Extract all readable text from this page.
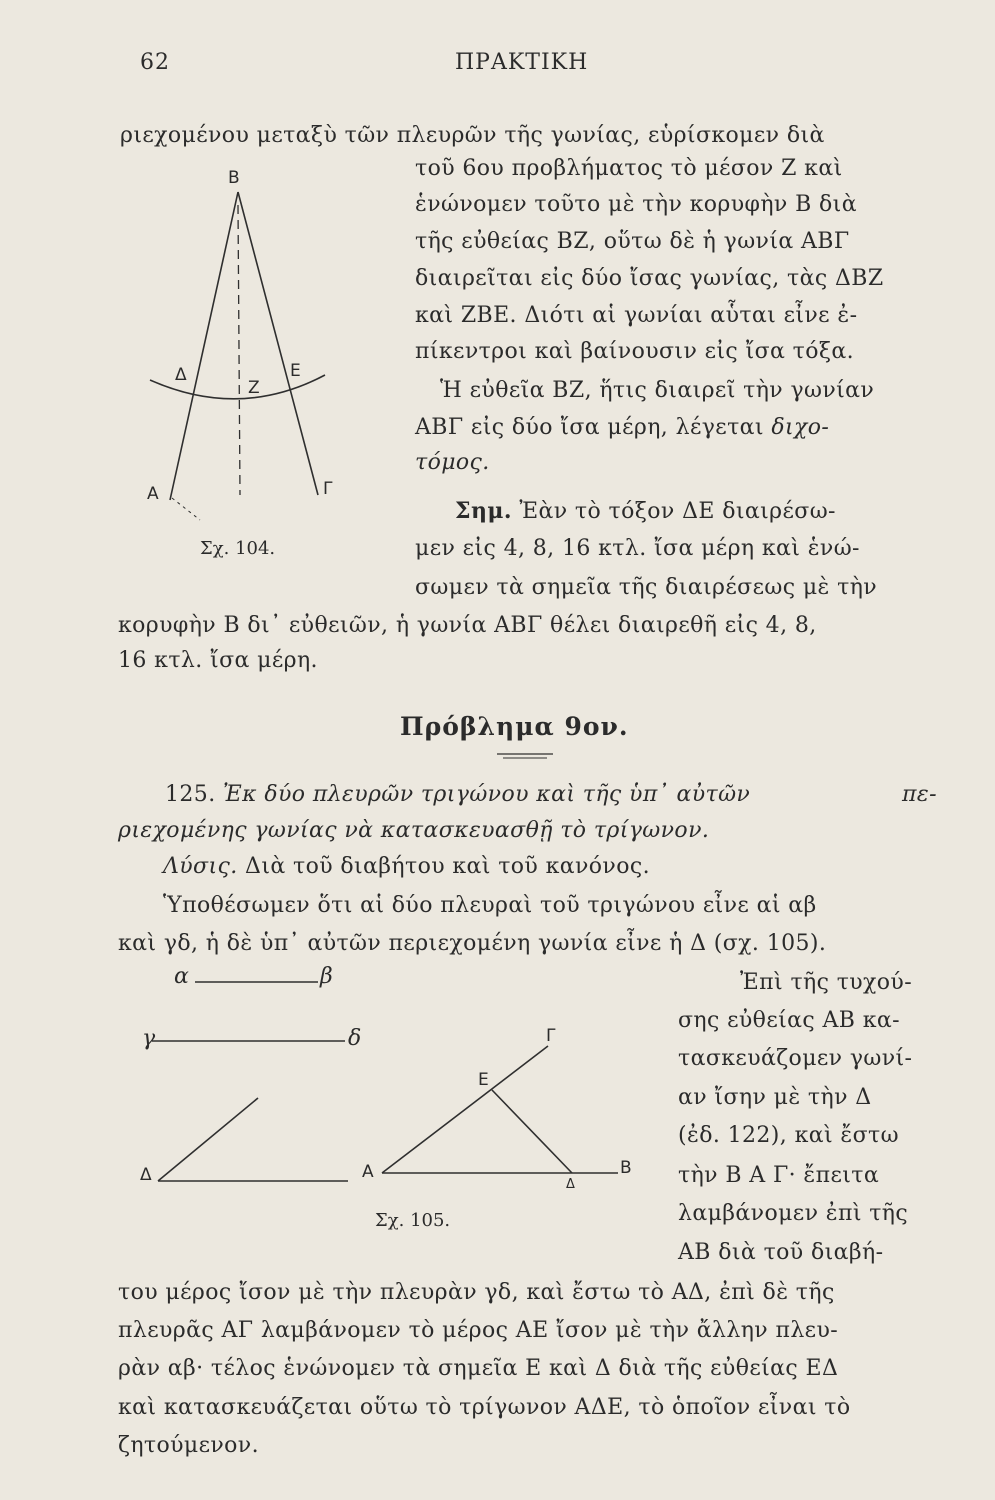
62	ΠΡΑΚΤΙΚΗ
ριεχομένου μεταξὺ τῶν πλευρῶν τῆς γωνίας, εὑρίσκομεν διὰ
τοῦ 6ου προβλήματος τὸ μέσον Ζ καὶ
ἑνώνομεν τοῦτο μὲ τὴν κορυφὴν Β διὰ
τῆς εὐθείας ΒΖ, οὕτω δὲ ἡ γωνία ΑΒΓ
διαιρεῖται εἰς δύο ἴσας γωνίας, τὰς ΔΒΖ
καὶ ΖΒΕ. Διότι αἱ γωνίαι αὗται εἶνε ἐ-
πίκεντροι καὶ βαίνουσιν εἰς ἴσα τόξα.
Ἡ εὐθεῖα ΒΖ, ἥτις διαιρεῖ τὴν γωνίαν
ΑΒΓ εἰς δύο ἴσα μέρη, λέγεται διχο-
τόμος.
Σημ. Ἐὰν τὸ τόξον ΔΕ διαιρέσω-
μεν εἰς 4, 8, 16 κτλ. ἴσα μέρη καὶ ἑνώ-
σωμεν τὰ σημεῖα τῆς διαιρέσεως μὲ τὴν
κορυφὴν Β δι᾽ εὐθειῶν, ἡ γωνία ΑΒΓ θέλει διαιρεθῆ εἰς 4, 8,
16 κτλ. ἴσα μέρη.
Β
Ζ
Δ	Ε
Α	Γ
Σχ. 104.
Πρόβλημα 9ον.
125. Ἐκ δύο πλευρῶν τριγώνου καὶ τῆς ὑπ᾽ αὐτῶν	πε-
ριεχομένης γωνίας νὰ κατασκευασθῇ τὸ τρίγωνον.
Λύσις. Διὰ τοῦ διαβήτου καὶ τοῦ κανόνος.
Ὑποθέσωμεν ὅτι αἱ δύο πλευραὶ τοῦ τριγώνου εἶνε αἱ αβ
καὶ γδ, ἡ δὲ ὑπ᾽ αὐτῶν περιεχομένη γωνία εἶνε ἡ Δ (σχ. 105).
Ἐπὶ τῆς τυχού-
σης εὐθείας ΑΒ κα-
τασκευάζομεν γωνί-
αν ἴσην μὲ τὴν Δ
(ἐδ. 122), καὶ ἔστω
τὴν Β Α Γ· ἔπειτα
λαμβάνομεν ἐπὶ τῆς
ΑΒ διὰ τοῦ διαβή-
α	β
γ	δ
Δ	Α	Β
Γ
Ε
Δ
Σχ. 105.
του μέρος ἴσον μὲ τὴν πλευρὰν γδ, καὶ ἔστω τὸ ΑΔ, ἐπὶ δὲ τῆς
πλευρᾶς ΑΓ λαμβάνομεν τὸ μέρος ΑΕ ἴσον μὲ τὴν ἄλλην πλευ-
ρὰν αβ· τέλος ἑνώνομεν τὰ σημεῖα Ε καὶ Δ διὰ τῆς εὐθείας ΕΔ
καὶ κατασκευάζεται οὕτω τὸ τρίγωνον ΑΔΕ, τὸ ὁποῖον εἶναι τὸ
ζητούμενον.
